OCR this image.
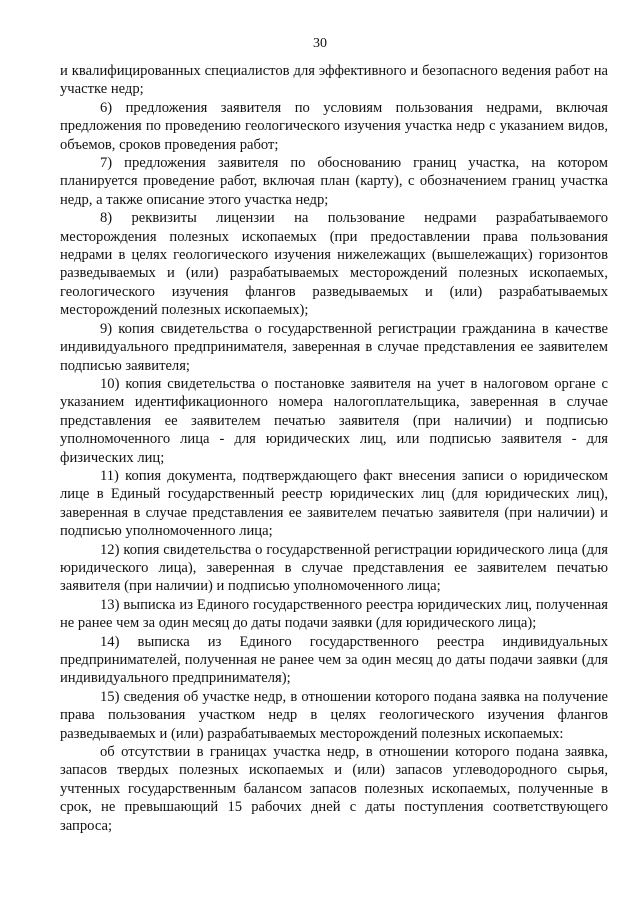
30

и квалифицированных специалистов для эффективного и безопасного ведения работ на участке недр;

6) предложения заявителя по условиям пользования недрами, включая предложения по проведению геологического изучения участка недр с указанием видов, объемов, сроков проведения работ;

7) предложения заявителя по обоснованию границ участка, на котором планируется проведение работ, включая план (карту), с обозначением границ участка недр, а также описание этого участка недр;

8) реквизиты лицензии на пользование недрами разрабатываемого месторождения полезных ископаемых (при предоставлении права пользования недрами в целях геологического изучения нижележащих (вышележащих) горизонтов разведываемых и (или) разрабатываемых месторождений полезных ископаемых, геологического изучения флангов разведываемых и (или) разрабатываемых месторождений полезных ископаемых);

9) копия свидетельства о государственной регистрации гражданина в качестве индивидуального предпринимателя, заверенная в случае представления ее заявителем подписью заявителя;

10) копия свидетельства о постановке заявителя на учет в налоговом органе с указанием идентификационного номера налогоплательщика, заверенная в случае представления ее заявителем печатью заявителя (при наличии) и подписью уполномоченного лица - для юридических лиц, или подписью заявителя - для физических лиц;

11) копия документа, подтверждающего факт внесения записи о юридическом лице в Единый государственный реестр юридических лиц (для юридических лиц), заверенная в случае представления ее заявителем печатью заявителя (при наличии) и подписью уполномоченного лица;

12) копия свидетельства о государственной регистрации юридического лица (для юридического лица), заверенная в случае представления ее заявителем печатью заявителя (при наличии) и подписью уполномоченного лица;

13) выписка из Единого государственного реестра юридических лиц, полученная не ранее чем за один месяц до даты подачи заявки (для юридического лица);

14) выписка из Единого государственного реестра индивидуальных предпринимателей, полученная не ранее чем за один месяц до даты подачи заявки (для индивидуального предпринимателя);

15) сведения об участке недр, в отношении которого подана заявка на получение права пользования участком недр в целях геологического изучения флангов разведываемых и (или) разрабатываемых месторождений полезных ископаемых:

об отсутствии в границах участка недр, в отношении которого подана заявка, запасов твердых полезных ископаемых и (или) запасов углеводородного сырья, учтенных государственным балансом запасов полезных ископаемых, полученные в срок, не превышающий 15 рабочих дней с даты поступления соответствующего запроса;
